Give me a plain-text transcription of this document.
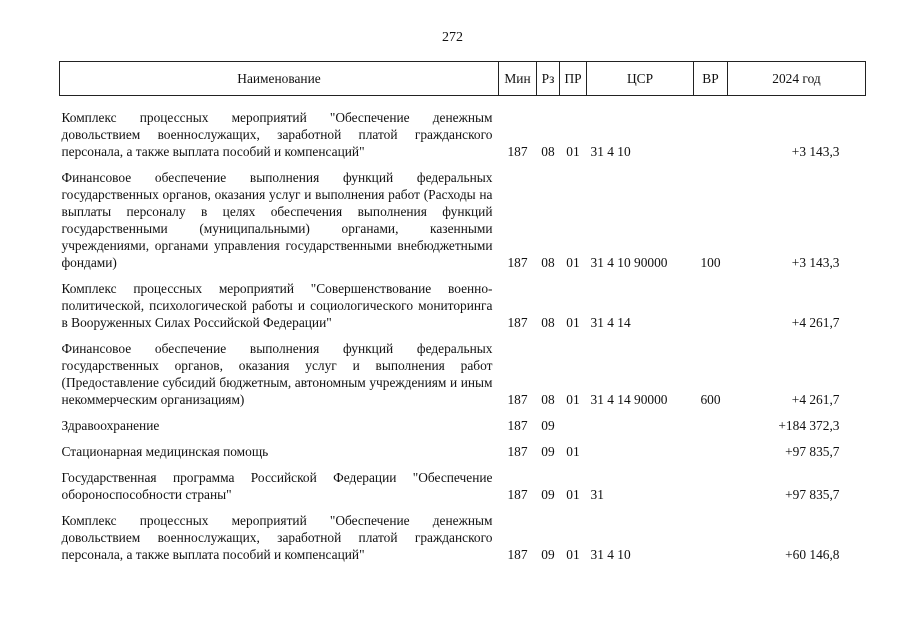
272
Наименование	Мин	Рз	ПР	ЦСР	ВР	2024 год
Комплекс процессных мероприятий "Обеспечение денежным довольствием военнослужащих, заработной платой гражданского персонала, а также выплата пособий и компенсаций"	187	08	01	31 4 10		+3 143,3
Финансовое обеспечение выполнения функций федеральных государственных органов, оказания услуг и выполнения работ (Расходы на выплаты персоналу в целях обеспечения выполнения функций государственными (муниципальными) органами, казенными учреждениями, органами управления государственными внебюджетными фондами)	187	08	01	31 4 10 90000	100	+3 143,3
Комплекс процессных мероприятий "Совершенствование военно-политической, психологической работы и социологического мониторинга в Вооруженных Силах Российской Федерации"	187	08	01	31 4 14		+4 261,7
Финансовое обеспечение выполнения функций федеральных государственных органов, оказания услуг и выполнения работ (Предоставление субсидий бюджетным, автономным учреждениям и иным некоммерческим организациям)	187	08	01	31 4 14 90000	600	+4 261,7
Здравоохранение	187	09				+184 372,3
Стационарная медицинская помощь	187	09	01			+97 835,7
Государственная программа Российской Федерации "Обеспечение обороноспособности страны"	187	09	01	31		+97 835,7
Комплекс процессных мероприятий "Обеспечение денежным довольствием военнослужащих, заработной платой гражданского персонала, а также выплата пособий и компенсаций"	187	09	01	31 4 10		+60 146,8
